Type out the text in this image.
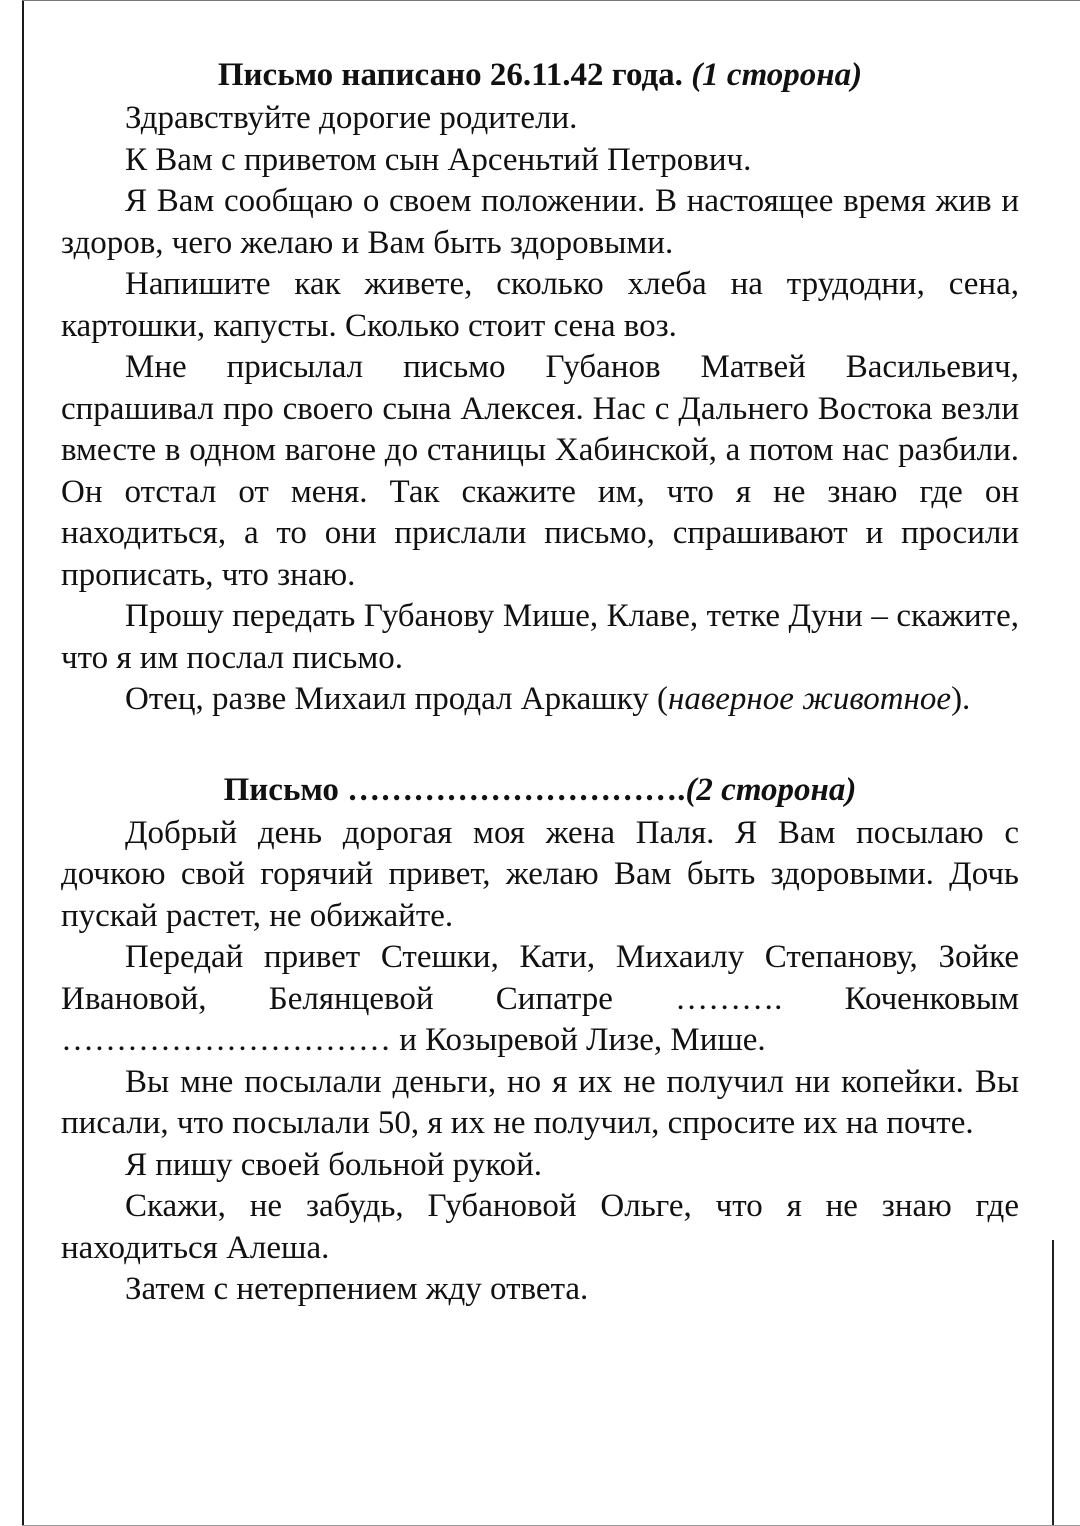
Письмо написано 26.11.42 года. (1 сторона)

Здравствуйте дорогие родители.

К Вам с приветом сын Арсеньтий Петрович.

Я Вам сообщаю о своем положении. В настоящее время жив и здоров, чего желаю и Вам быть здоровыми.

Напишите как живете, сколько хлеба на трудодни, сена, картошки, капусты. Сколько стоит сена воз.

Мне присылал письмо Губанов Матвей Васильевич, спрашивал про своего сына Алексея. Нас с Дальнего Востока везли вместе в одном вагоне до станицы Хабинской, а потом нас разбили. Он отстал от меня. Так скажите им, что я не знаю где он находиться, а то они прислали письмо, спрашивают и просили прописать, что знаю.

Прошу передать Губанову Мише, Клаве, тетке Дуни – скажите, что я им послал письмо.

Отец, разве Михаил продал Аркашку (наверное животное).

Письмо ………………………….(2 сторона)

Добрый день дорогая моя жена Паля. Я Вам посылаю с дочкою свой горячий привет, желаю Вам быть здоровыми. Дочь пускай растет, не обижайте.

Передай привет Стешки, Кати, Михаилу Степанову, Зойке Ивановой, Белянцевой Сипатре ………. Коченковым ………………………… и Козыревой Лизе, Мише.

Вы мне посылали деньги, но я их не получил ни копейки. Вы писали, что посылали 50, я их не получил, спросите их на почте.

Я пишу своей больной рукой.

Скажи, не забудь, Губановой Ольге, что я не знаю где находиться Алеша.

Затем с нетерпением жду ответа.
